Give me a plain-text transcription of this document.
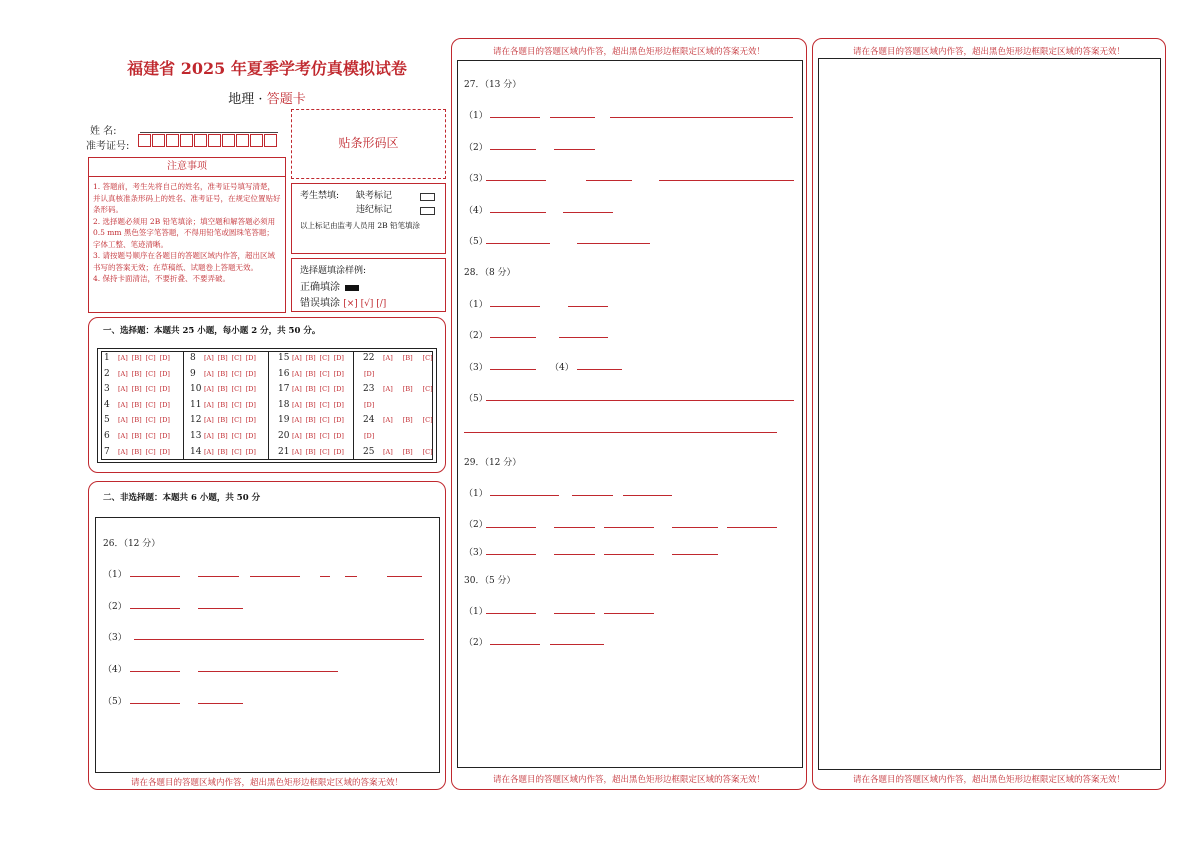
福建省 2025 年夏季学考仿真模拟试卷
地理 · 答题卡
姓 名:
准考证号:	贴条形码区
注意事项
1. 答题前，考生先将自己的姓名，准考证号填写清楚，并认真核准条形码上的姓名、准考证号，在规定位置贴好条形码。
2. 选择题必须用 2B 铅笔填涂；填空题和解答题必须用 0.5 mm 黑色签字笔答题，不得用铅笔或圆珠笔答题；字体工整、笔迹清晰。
3. 请按题号顺序在各题目的答题区域内作答，超出区域书写的答案无效；在草稿纸、试题卷上答题无效。
4. 保持卡面清洁，不要折叠、不要弄破。
考生禁填: 缺考标记
违纪标记
以上标记由监考人员用 2B 铅笔填涂
选择题填涂样例:
正确填涂
错误填涂 [×] [√] [/]
一、选择题：本题共 25 小题，每小题 2 分，共 50 分。
1 [A] [B] [C] [D]
2 [A] [B] [C] [D]
3 [A] [B] [C] [D]
4 [A] [B] [C] [D]
5 [A] [B] [C] [D]
6 [A] [B] [C] [D]
7 [A] [B] [C] [D]
8 [A] [B] [C] [D]
9 [A] [B] [C] [D]
10 [A] [B] [C] [D]
11 [A] [B] [C] [D]
12 [A] [B] [C] [D]
13 [A] [B] [C] [D]
14 [A] [B] [C] [D]
15 [A] [B] [C] [D]
16 [A] [B] [C] [D]
17 [A] [B] [C] [D]
18 [A] [B] [C] [D]
19 [A] [B] [C] [D]
20 [A] [B] [C] [D]
21 [A] [B] [C] [D]
22 [A] [B] [C]
[D]
23 [A] [B] [C]
[D]
24 [A] [B] [C]
[D]
25 [A] [B] [C]
二、非选择题：本题共 6 小题，共 50 分
请在各题目的答题区域内作答，超出黑色矩形边框限定区域的答案无效！
26．（12 分）
（1）
（2）
（3）
（4）
（5）
请在各题目的答题区域内作答，超出黑色矩形边框限定区域的答案无效！
请在各题目的答题区域内作答，超出黑色矩形边框限定区域的答案无效！
27．（13 分）
（1）
（2）
（3）
（4）
（5）
28．（8 分）
（1）
（2）
（3）	（4）
（5）
29．（12 分）
（1）
（2）
（3）
30．（5 分）
（1）
（2）
请在各题目的答题区域内作答，超出黑色矩形边框限定区域的答案无效！
请在各题目的答题区域内作答，超出黑色矩形边框限定区域的答案无效！
